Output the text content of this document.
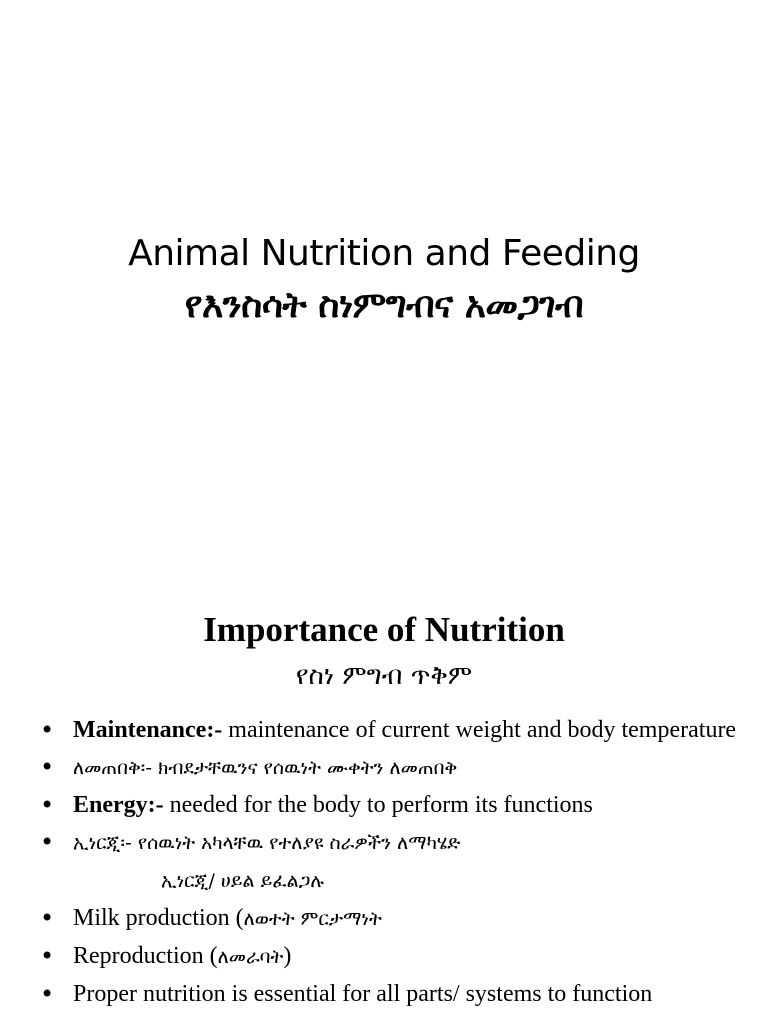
Animal Nutrition and Feeding
የእንስሳት ስነምግብና አመጋገብ
Importance of Nutrition
የስነ ምግብ ጥቅም
• Maintenance:- maintenance of current weight and body temperature
• ለመጠበቅ፡- ክብደታቸዉንና የሰዉነት ሙቀትን ለመጠበቅ
• Energy:- needed for the body to perform its functions
• ኢነርጂ፡- የሰዉነት አካላቸዉ የተለያዩ ስራዎችን ለማካሄድ
ኢነርጂ/ ሀይል ይፈልጋሉ
• Milk production (ለወተት ምርታማነት
• Reproduction (ለመራባት)
• Proper nutrition is essential for all parts/ systems to function
